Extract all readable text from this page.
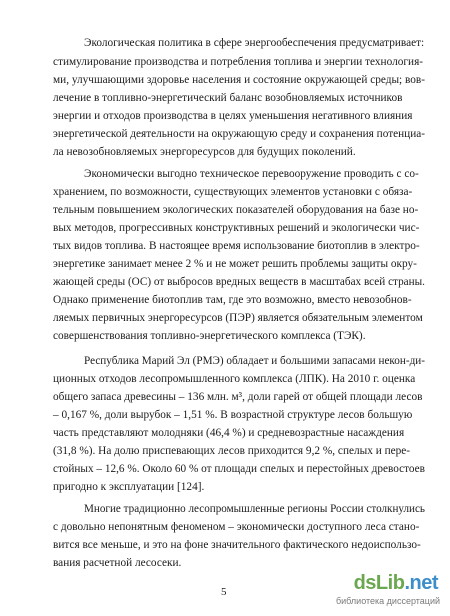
Экологическая политика в сфере энергообеспечения предусматривает:
стимулирование производства и потребления топлива и энергии технология-
ми, улучшающими здоровье населения и состояние окружающей среды; вов-
лечение в топливно-энергетический баланс возобновляемых источников
энергии и отходов производства в целях уменьшения негативного влияния
энергетической деятельности на окружающую среду и сохранения потенциа-
ла невозобновляемых энергоресурсов для будущих поколений.
Экономически выгодно техническое перевооружение проводить с со-
хранением, по возможности, существующих элементов установки с обяза-
тельным повышением экологических показателей оборудования на базе но-
вых методов, прогрессивных конструктивных решений и экологически чис-
тых видов топлива. В настоящее время использование биотоплив в электро-
энергетике занимает менее 2 % и не может решить проблемы защиты окру-
жающей среды (ОС) от выбросов вредных веществ в масштабах всей страны.
Однако применение биотоплив там, где это возможно, вместо невозобнов-
ляемых первичных энергоресурсов (ПЭР) является обязательным элементом
совершенствования топливно-энергетического комплекса (ТЭК).
Республика Марий Эл (РМЭ) обладает и большими запасами некон-ди-
ционных отходов лесопромышленного комплекса (ЛПК). На 2010 г. оценка
общего запаса древесины – 136 млн. м³, доли гарей от общей площади лесов
– 0,167 %, доли вырубок – 1,51 %. В возрастной структуре лесов большую
часть представляют молодняки (46,4 %) и средневозрастные насаждения
(31,8 %). На долю приспевающих лесов приходится 9,2 %, спелых и пере-
стойных – 12,6 %. Около 60 % от площади спелых и перестойных древостоев
пригодно к эксплуатации [124].
Многие традиционно лесопромышленные регионы России столкнулись
с довольно непонятным феноменом – экономически доступного леса стано-
вится все меньше, и это на фоне значительного фактического недоиспользо-
вания расчетной лесосеки.
5	dsLib.net
библиотека диссертаций
